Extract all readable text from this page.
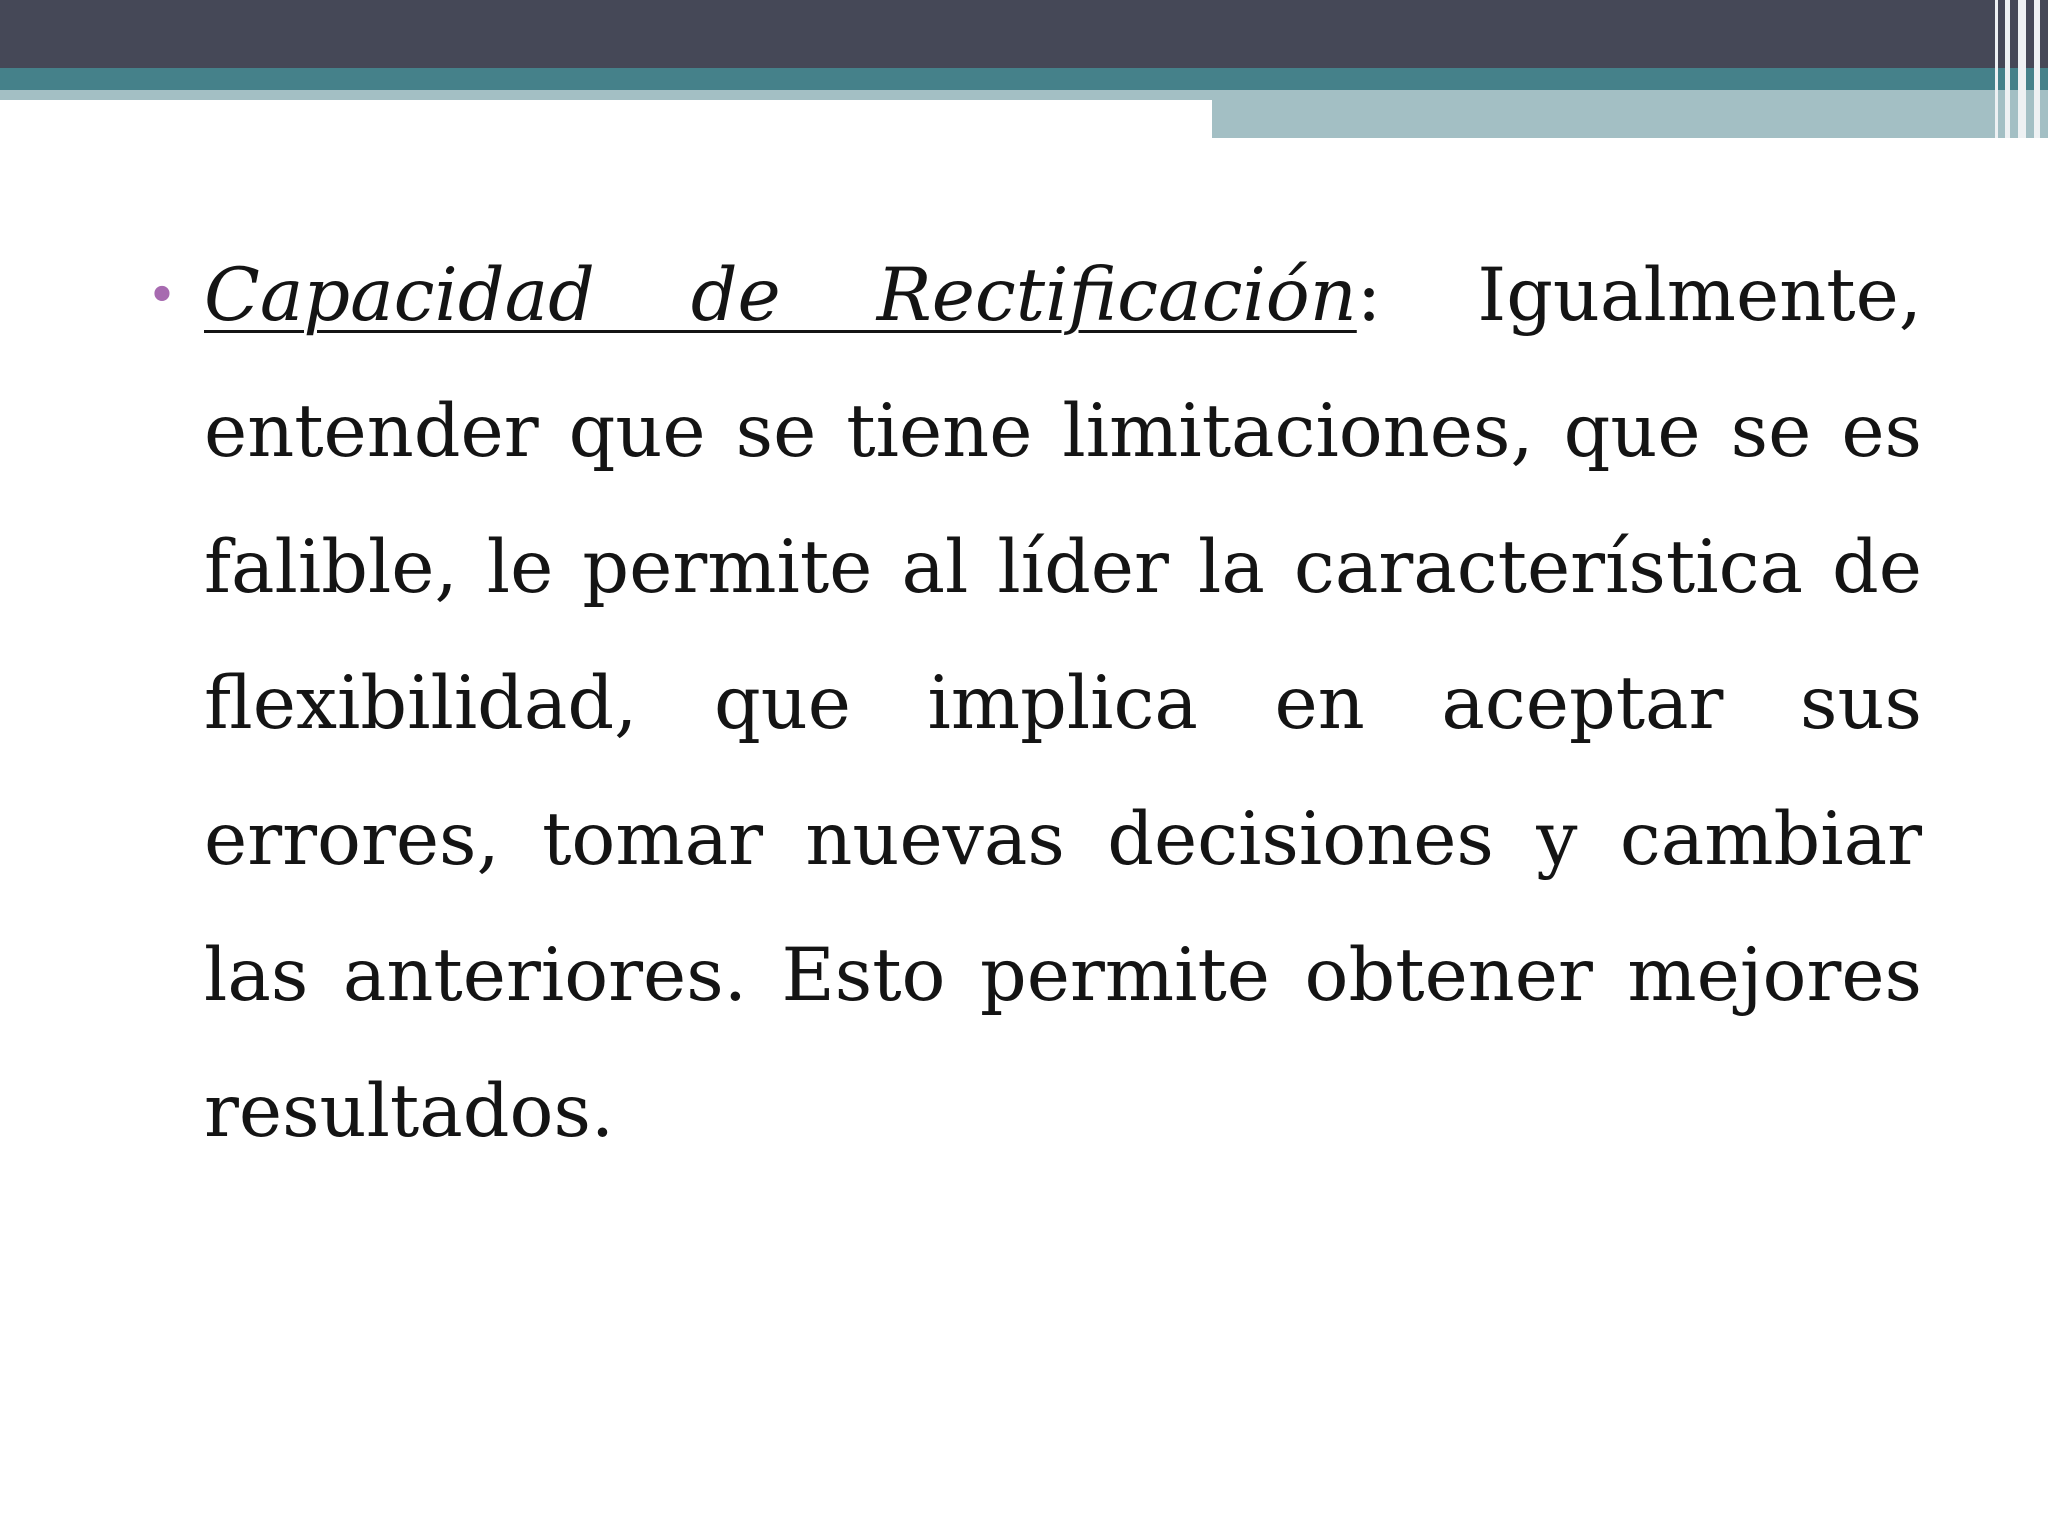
• Capacidad de Rectificación: Igualmente, entender que se tiene limitaciones, que se es falible, le permite al líder la característica de flexibilidad, que implica en aceptar sus errores, tomar nuevas decisiones y cambiar las anteriores. Esto permite obtener mejores resultados.
